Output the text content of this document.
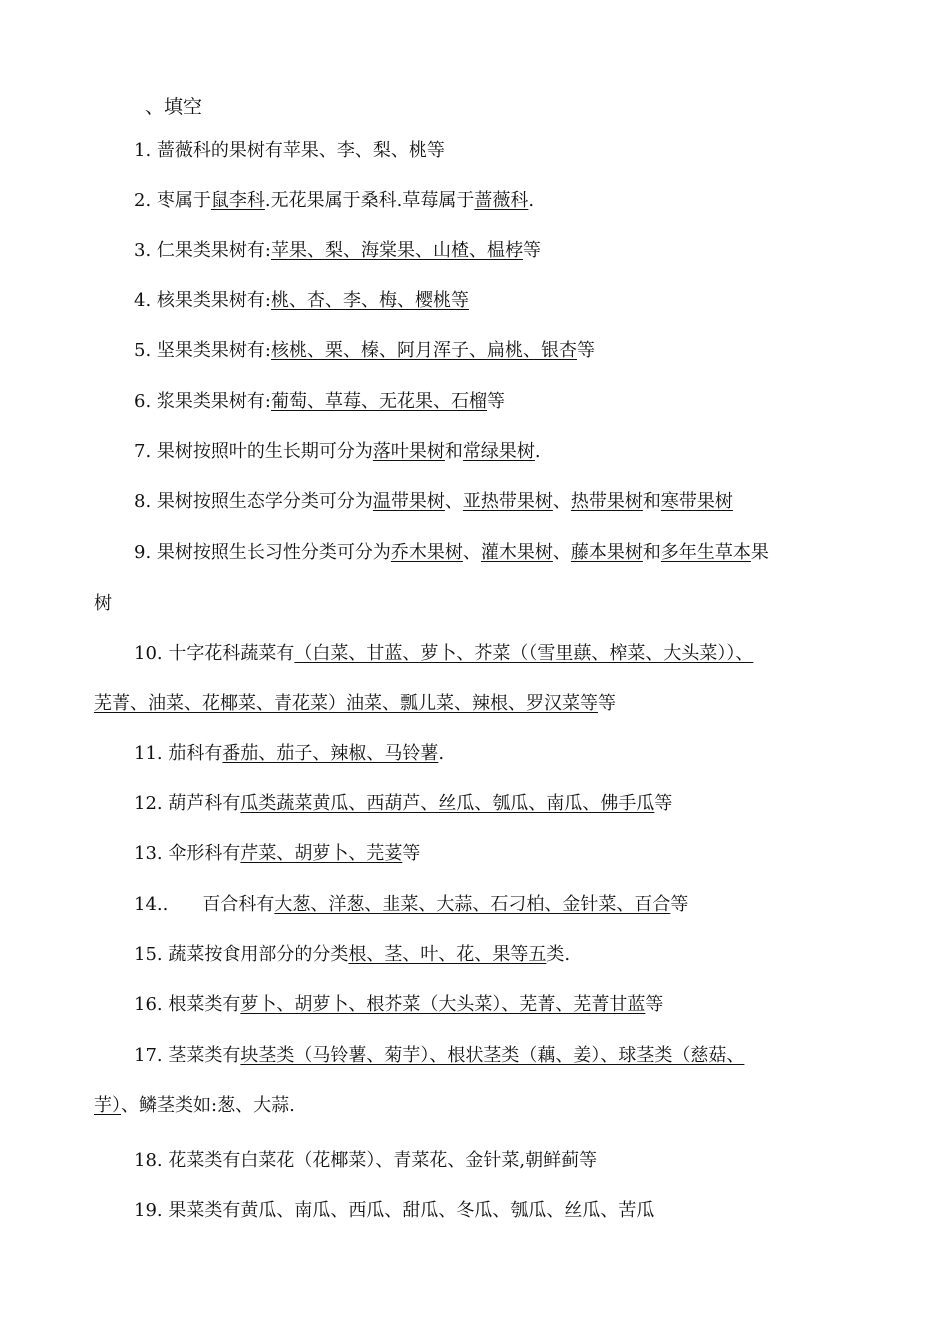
、填空
1. 蔷薇科的果树有苹果、李、梨、桃等
2. 枣属于鼠李科.无花果属于桑科.草莓属于蔷薇科.
3. 仁果类果树有:苹果、梨、海棠果、山楂、榅桲等
4. 核果类果树有:桃、杏、李、梅、樱桃等
5. 坚果类果树有:核桃、栗、榛、阿月浑子、扁桃、银杏等
6. 浆果类果树有:葡萄、草莓、无花果、石榴等
7. 果树按照叶的生长期可分为落叶果树和常绿果树.
8. 果树按照生态学分类可分为温带果树、亚热带果树、热带果树和寒带果树
9. 果树按照生长习性分类可分为乔木果树、灌木果树、藤本果树和多年生草本果
树
10. 十字花科蔬菜有（白菜、甘蓝、萝卜、芥菜（（雪里蕻、榨菜、大头菜））、
芜菁、油菜、花椰菜、青花菜）油菜、瓢儿菜、辣根、罗汉菜等等
11. 茄科有番茄、茄子、辣椒、马铃薯.
12. 葫芦科有瓜类蔬菜黄瓜、西葫芦、丝瓜、瓠瓜、南瓜、佛手瓜等
13. 伞形科有芹菜、胡萝卜、芫荽等
14.. 百合科有大葱、洋葱、韭菜、大蒜、石刁柏、金针菜、百合等
15. 蔬菜按食用部分的分类根、茎、叶、花、果等五类.
16. 根菜类有萝卜、胡萝卜、根芥菜（大头菜）、芜菁、芜菁甘蓝等
17. 茎菜类有块茎类（马铃薯、菊芋）、根状茎类（藕、姜）、球茎类（慈菇、
芋）、鳞茎类如:葱、大蒜.
18. 花菜类有白菜花（花椰菜）、青菜花、金针菜,朝鲜蓟等
19. 果菜类有黄瓜、南瓜、西瓜、甜瓜、冬瓜、瓠瓜、丝瓜、苦瓜
